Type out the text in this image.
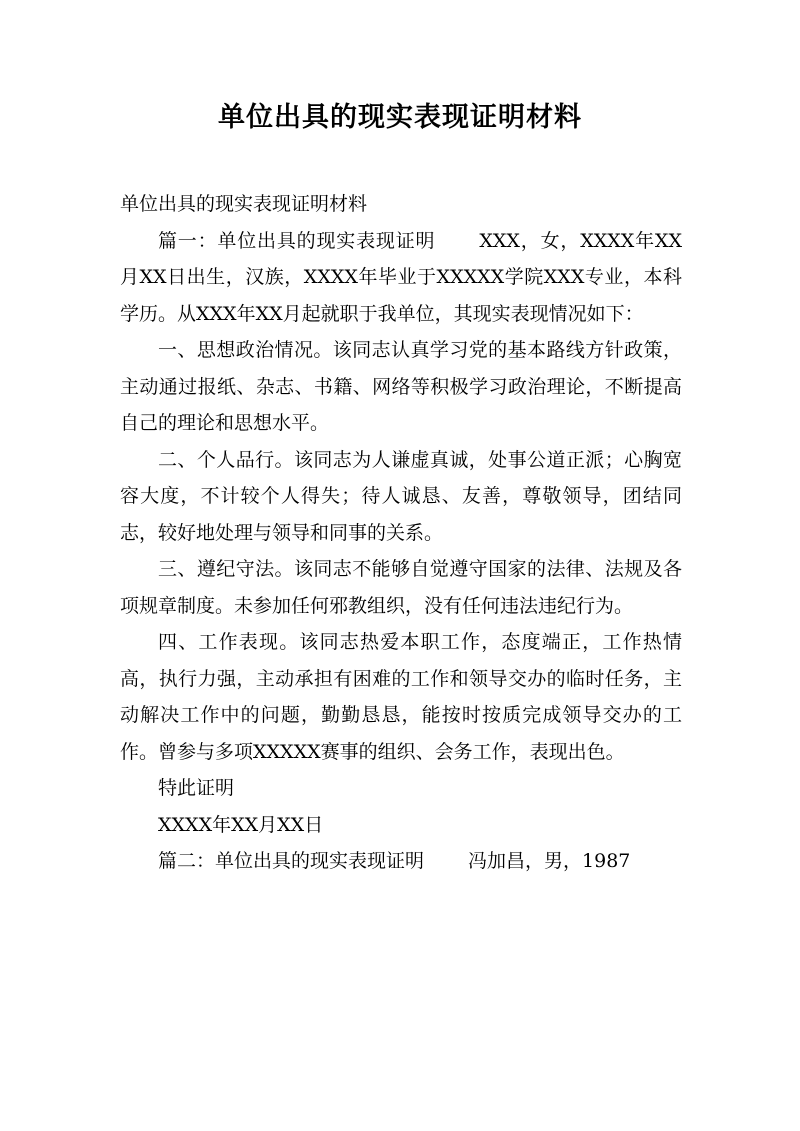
单位出具的现实表现证明材料

单位出具的现实表现证明材料

篇一：单位出具的现实表现证明 XXX，女，XXXX年XX月XX日出生，汉族，XXXX年毕业于XXXXX学院XXX专业，本科学历。从XXX年XX月起就职于我单位，其现实表现情况如下：

一、思想政治情况。该同志认真学习党的基本路线方针政策，主动通过报纸、杂志、书籍、网络等积极学习政治理论，不断提高自己的理论和思想水平。

二、个人品行。该同志为人谦虚真诚，处事公道正派；心胸宽容大度，不计较个人得失；待人诚恳、友善，尊敬领导，团结同志，较好地处理与领导和同事的关系。

三、遵纪守法。该同志不能够自觉遵守国家的法律、法规及各项规章制度。未参加任何邪教组织，没有任何违法违纪行为。

四、工作表现。该同志热爱本职工作，态度端正，工作热情高，执行力强，主动承担有困难的工作和领导交办的临时任务，主动解决工作中的问题，勤勤恳恳，能按时按质完成领导交办的工作。曾参与多项XXXXX赛事的组织、会务工作，表现出色。

特此证明

XXXX年XX月XX日

篇二：单位出具的现实表现证明 冯加昌，男，1987
